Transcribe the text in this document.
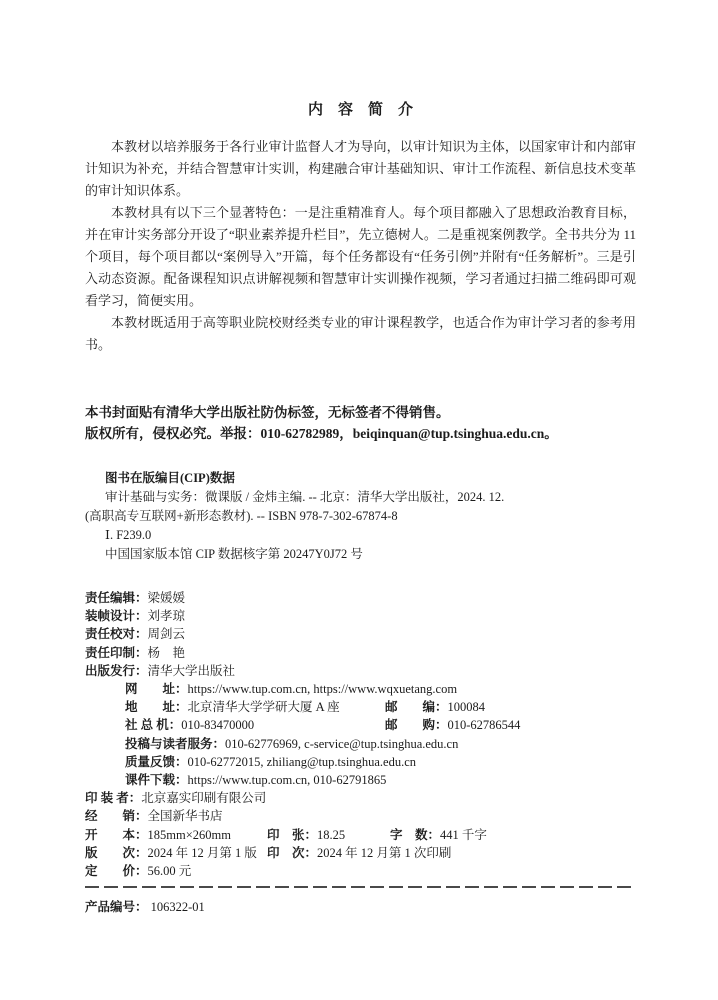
内　容　简　介

本教材以培养服务于各行业审计监督人才为导向，以审计知识为主体，以国家审计和内部审计知识为补充，并结合智慧审计实训，构建融合审计基础知识、审计工作流程、新信息技术变革的审计知识体系。

本教材具有以下三个显著特色：一是注重精准育人。每个项目都融入了思想政治教育目标，并在审计实务部分开设了“职业素养提升栏目”，先立德树人。二是重视案例教学。全书共分为 11 个项目，每个项目都以“案例导入”开篇，每个任务都设有“任务引例”并附有“任务解析”。三是引入动态资源。配备课程知识点讲解视频和智慧审计实训操作视频，学习者通过扫描二维码即可观看学习，简便实用。

本教材既适用于高等职业院校财经类专业的审计课程教学，也适合作为审计学习者的参考用书。

本书封面贴有清华大学出版社防伪标签，无标签者不得销售。

版权所有，侵权必究。举报：010-62782989，beiqinquan@tup.tsinghua.edu.cn。

图书在版编目(CIP)数据

审计基础与实务：微课版 / 金炜主编. -- 北京：清华大学出版社，2024. 12.

(高职高专互联网+新形态教材). -- ISBN 978-7-302-67874-8

Ⅰ. F239.0

中国国家版本馆 CIP 数据核字第 20247Y0J72 号

责任编辑： 梁媛媛
装帧设计： 刘孝琼
责任校对： 周剑云
责任印制： 杨　艳
出版发行： 清华大学出版社
网　　址： https://www.tup.com.cn, https://www.wqxuetang.com
地　　址：北京清华大学学研大厦 A 座	邮　　编：100084
社 总 机：010-83470000	邮　　购：010-62786544
投稿与读者服务： 010-62776969, c-service@tup.tsinghua.edu.cn
质量反馈： 010-62772015, zhiliang@tup.tsinghua.edu.cn
课件下载： https://www.tup.com.cn, 010-62791865
印 装 者： 北京嘉实印刷有限公司
经　　销： 全国新华书店
开　　本：185mm×260mm	印　张：18.25	字　数：441 千字
版　　次：2024 年 12 月第 1 版 印　次：2024 年 12 月第 1 次印刷
定　　价： 56.00 元

产品编号： 106322-01
